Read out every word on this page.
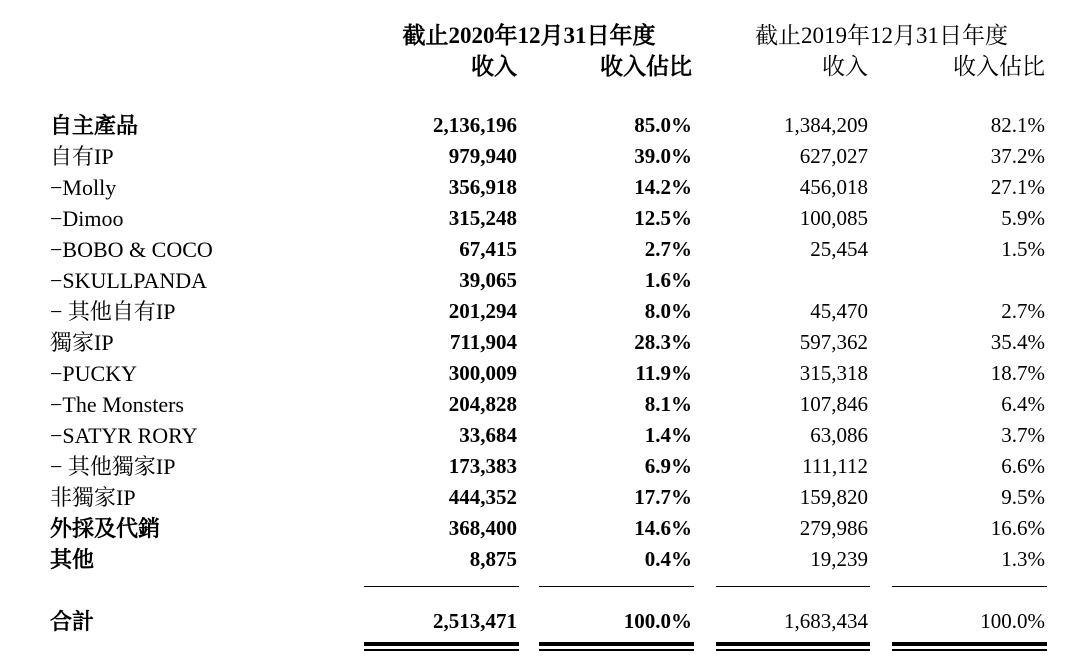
	截止2020年12月31日年度				截止2019年12月31日年度		
	收入		收入佔比		收入		收入佔比

自主產品	2,136,196		85.0%		1,384,209		82.1%
自有IP	979,940		39.0%		627,027		37.2%
−Molly	356,918		14.2%		456,018		27.1%
−Dimoo	315,248		12.5%		100,085		5.9%
−BOBO & COCO	67,415		2.7%		25,454		1.5%
−SKULLPANDA	39,065		1.6%				
− 其他自有IP	201,294		8.0%		45,470		2.7%
獨家IP	711,904		28.3%		597,362		35.4%
−PUCKY	300,009		11.9%		315,318		18.7%
−The Monsters	204,828		8.1%		107,846		6.4%
−SATYR RORY	33,684		1.4%		63,086		3.7%
− 其他獨家IP	173,383		6.9%		111,112		6.6%
非獨家IP	444,352		17.7%		159,820		9.5%
外採及代銷	368,400		14.6%		279,986		16.6%
其他	8,875		0.4%		19,239		1.3%

合計	2,513,471		100.0%		1,683,434		100.0%
